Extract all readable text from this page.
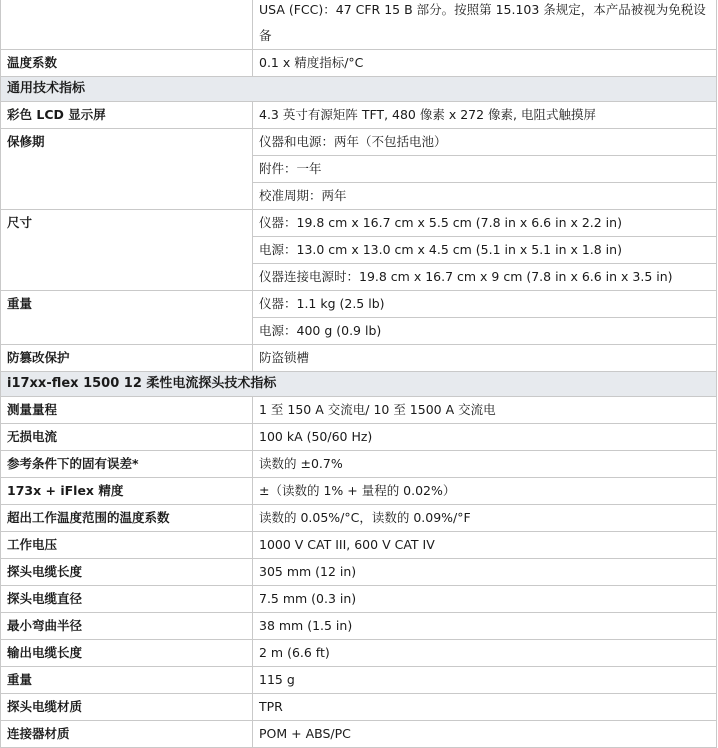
	USA (FCC)：47 CFR 15 B 部分。按照第 15.103 条规定，本产品被视为免税设备
温度系数	0.1 x 精度指标/°C
通用技术指标	
彩色 LCD 显示屏	4.3 英寸有源矩阵 TFT, 480 像素 x 272 像素, 电阻式触摸屏
保修期	仪器和电源：两年（不包括电池）
	附件：一年
	校准周期：两年
尺寸	仪器：19.8 cm x 16.7 cm x 5.5 cm (7.8 in x 6.6 in x 2.2 in)
	电源：13.0 cm x 13.0 cm x 4.5 cm (5.1 in x 5.1 in x 1.8 in)
	仪器连接电源时：19.8 cm x 16.7 cm x 9 cm (7.8 in x 6.6 in x 3.5 in)
重量	仪器：1.1 kg (2.5 lb)
	电源：400 g (0.9 lb)
防篡改保护	防盗锁槽
i17xx-flex 1500 12 柔性电流探头技术指标	
测量量程	1 至 150 A 交流电/ 10 至 1500 A 交流电
无损电流	100 kA (50/60 Hz)
参考条件下的固有误差*	读数的 ±0.7%
173x + iFlex 精度	±（读数的 1% + 量程的 0.02%）
超出工作温度范围的温度系数	读数的 0.05%/°C，读数的 0.09%/°F
工作电压	1000 V CAT III, 600 V CAT IV
探头电缆长度	305 mm (12 in)
探头电缆直径	7.5 mm (0.3 in)
最小弯曲半径	38 mm (1.5 in)
输出电缆长度	2 m (6.6 ft)
重量	115 g
探头电缆材质	TPR
连接器材质	POM + ABS/PC
